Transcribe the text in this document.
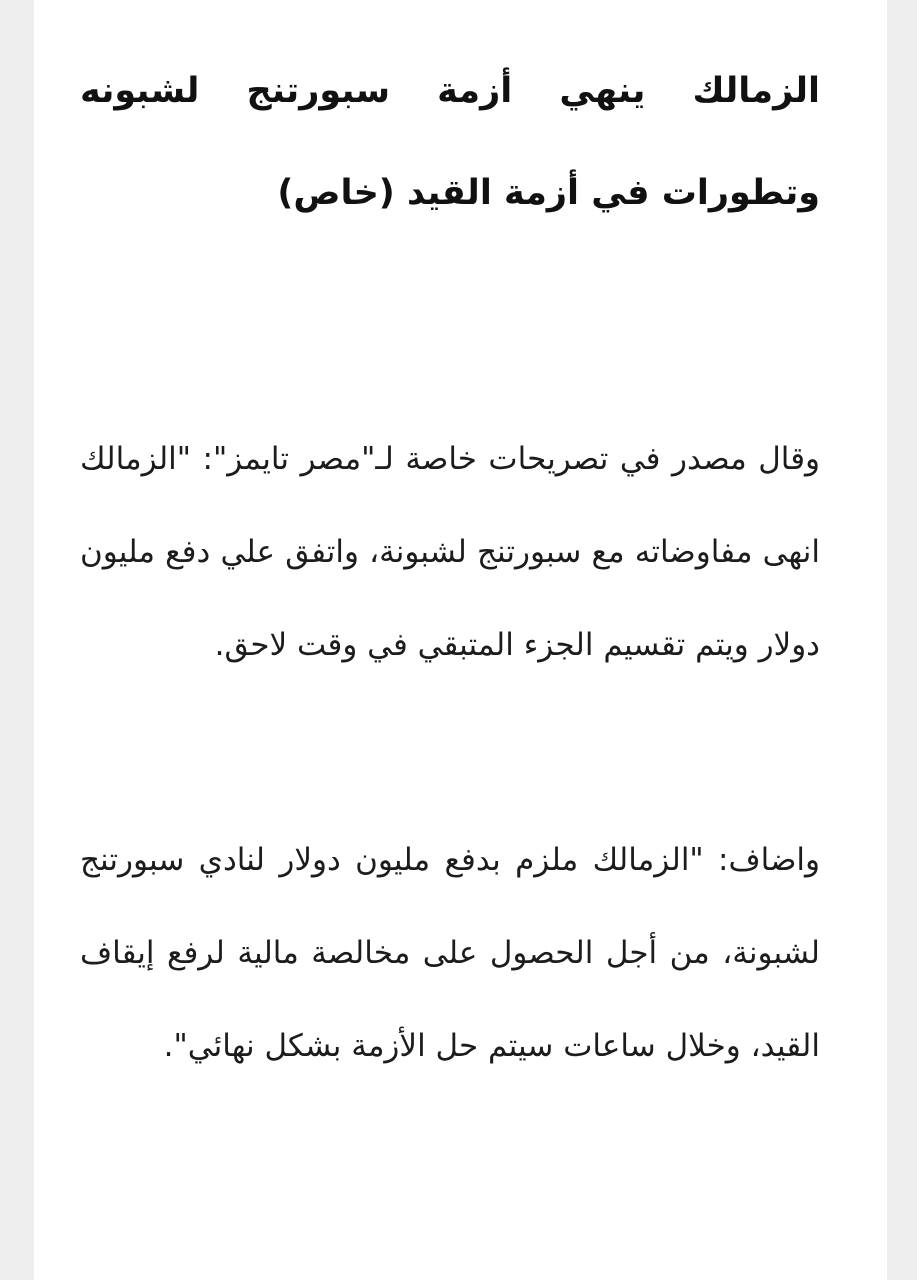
الزمالك ينهي أزمة سبورتنج لشبونه وتطورات في أزمة القيد (خاص)

وقال مصدر في تصريحات خاصة لـ"مصر تايمز": "الزمالك انهى مفاوضاته مع سبورتنج لشبونة، واتفق علي دفع مليون دولار ويتم تقسيم الجزء المتبقي في وقت لاحق.

واضاف: "الزمالك ملزم بدفع مليون دولار لنادي سبورتنج لشبونة، من أجل الحصول على مخالصة مالية لرفع إيقاف القيد، وخلال ساعات سيتم حل الأزمة بشكل نهائي".
